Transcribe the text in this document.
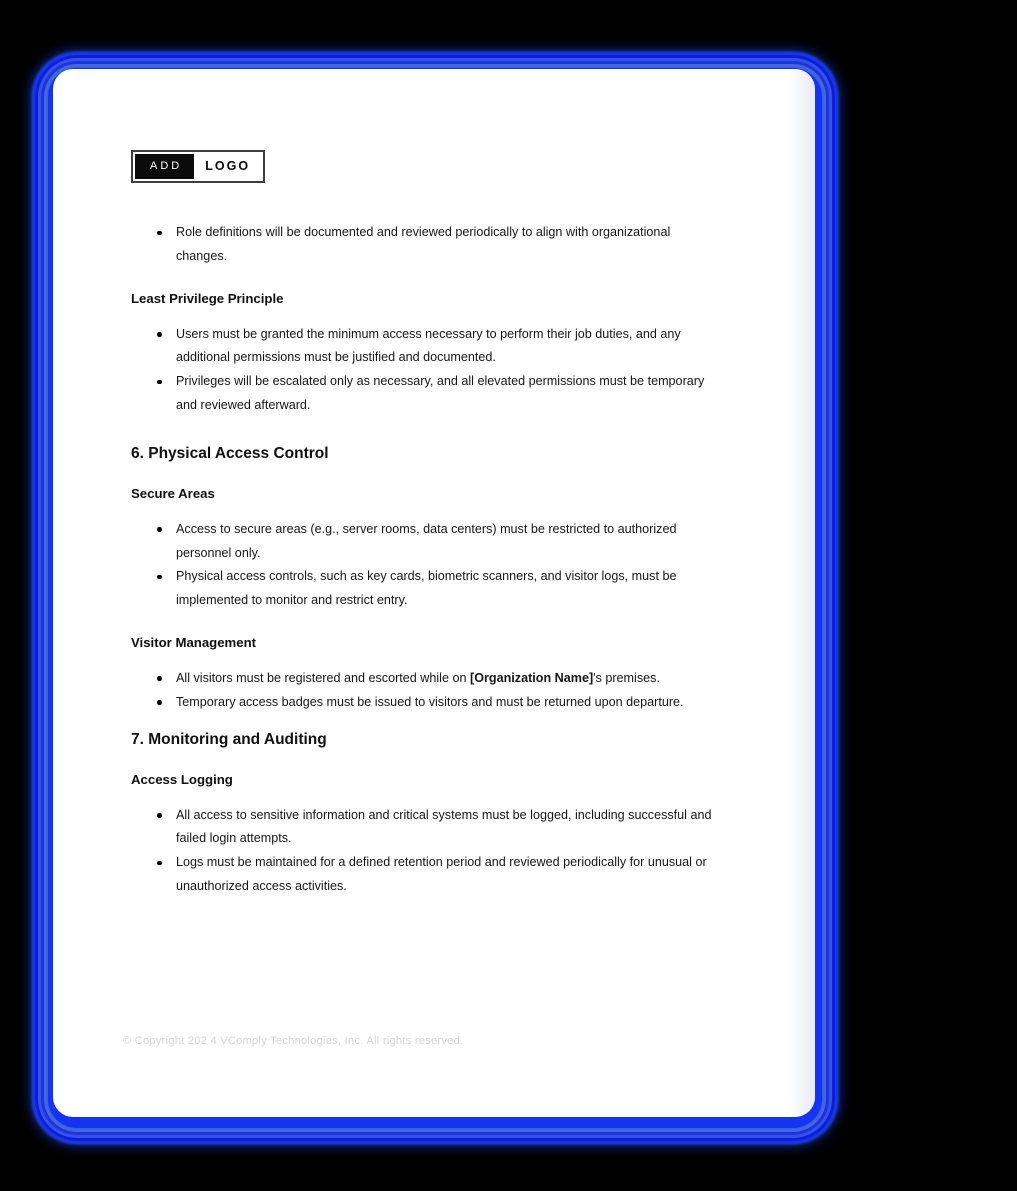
ADD	LOGO
Role definitions will be documented and reviewed periodically to align with organizational changes.
Least Privilege Principle
Users must be granted the minimum access necessary to perform their job duties, and any additional permissions must be justified and documented.
Privileges will be escalated only as necessary, and all elevated permissions must be temporary and reviewed afterward.
6. Physical Access Control
Secure Areas
Access to secure areas (e.g., server rooms, data centers) must be restricted to authorized personnel only.
Physical access controls, such as key cards, biometric scanners, and visitor logs, must be implemented to monitor and restrict entry.
Visitor Management
All visitors must be registered and escorted while on [Organization Name]'s premises.
Temporary access badges must be issued to visitors and must be returned upon departure.
7. Monitoring and Auditing
Access Logging
All access to sensitive information and critical systems must be logged, including successful and failed login attempts.
Logs must be maintained for a defined retention period and reviewed periodically for unusual or unauthorized access activities.
© Copyright 202 4 VComply Technologies, Inc. All rights reserved.
